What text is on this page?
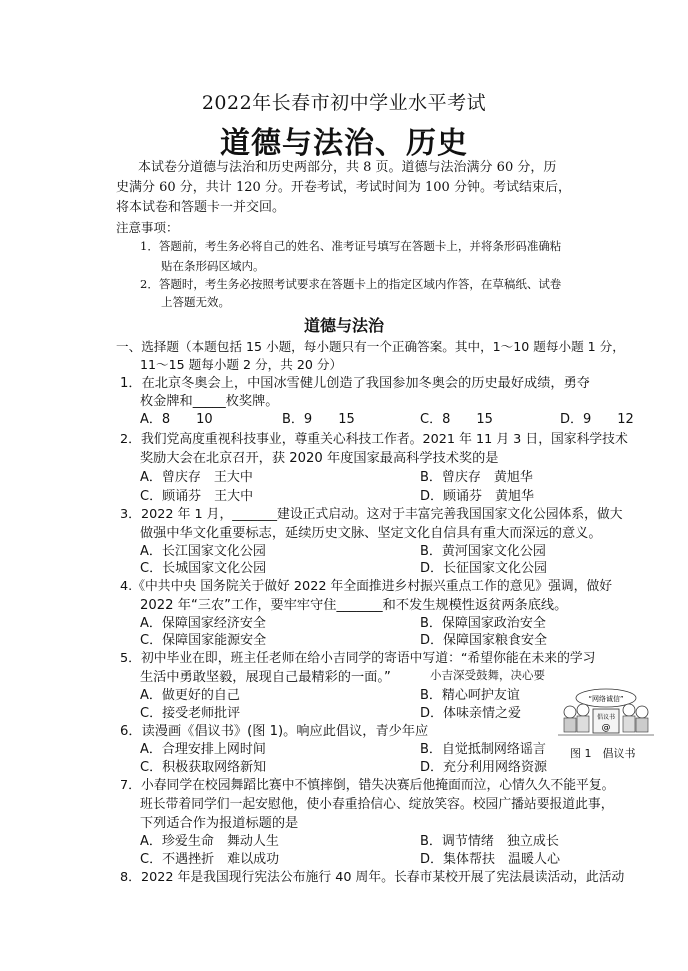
2022年长春市初中学业水平考试
道德与法治、历史
本试卷分道德与法治和历史两部分，共 8 页。道德与法治满分 60 分，历
史满分 60 分，共计 120 分。开卷考试，考试时间为 100 分钟。考试结束后，
将本试卷和答题卡一并交回。
注意事项：
1．答题前，考生务必将自己的姓名、准考证号填写在答题卡上，并将条形码准确粘
贴在条形码区域内。
2．答题时，考生务必按照考试要求在答题卡上的指定区域内作答，在草稿纸、试卷
上答题无效。
道德与法治
一、选择题（本题包括 15 小题，每小题只有一个正确答案。其中，1～10 题每小题 1 分，
11～15 题每小题 2 分，共 20 分）
1．在北京冬奥会上，中国冰雪健儿创造了我国参加冬奥会的历史最好成绩，勇夺
枚金牌和_____枚奖牌。
A．8　　10	B．9　　15	C．8　　15	D．9　　12
2．我们党高度重视科技事业，尊重关心科技工作者。2021 年 11 月 3 日，国家科学技术
奖励大会在北京召开，获 2020 年度国家最高科学技术奖的是
A．曾庆存　王大中	B．曾庆存　黄旭华
C．顾诵芬　王大中	D．顾诵芬　黄旭华
3．2022 年 1 月，_______建设正式启动。这对于丰富完善我国国家文化公园体系，做大
做强中华文化重要标志，延续历史文脉、坚定文化自信具有重大而深远的意义。
A．长江国家文化公园	B．黄河国家文化公园
C．长城国家文化公园	D．长征国家文化公园
4.《中共中央 国务院关于做好 2022 年全面推进乡村振兴重点工作的意见》强调，做好
2022 年“三农”工作，要牢牢守住_______和不发生规模性返贫两条底线。
A．保障国家经济安全	B．保障国家政治安全
C．保障国家能源安全	D．保障国家粮食安全
5．初中毕业在即，班主任老师在给小吉同学的寄语中写道：“希望你能在未来的学习
生活中勇敢坚毅，展现自己最精彩的一面。”	小吉深受鼓舞，决心要
A．做更好的自己	B．精心呵护友谊
C．接受老师批评	D．体味亲情之爱
6．读漫画《倡议书》(图 1)。响应此倡议，青少年应
A．合理安排上网时间	B．自觉抵制网络谣言
C．积极获取网络新知	D．充分利用网络资源
“网络诚信”
倡议书
@
图 1　倡议书
7．小春同学在校园舞蹈比赛中不慎摔倒，错失决赛后他掩面而泣，心情久久不能平复。
班长带着同学们一起安慰他，使小春重拾信心、绽放笑容。校园广播站要报道此事，
下列适合作为报道标题的是
A．珍爱生命　舞动人生	B．调节情绪　独立成长
C．不遇挫折　难以成功	D．集体帮扶　温暖人心
8．2022 年是我国现行宪法公布施行 40 周年。长春市某校开展了宪法晨读活动，此活动
